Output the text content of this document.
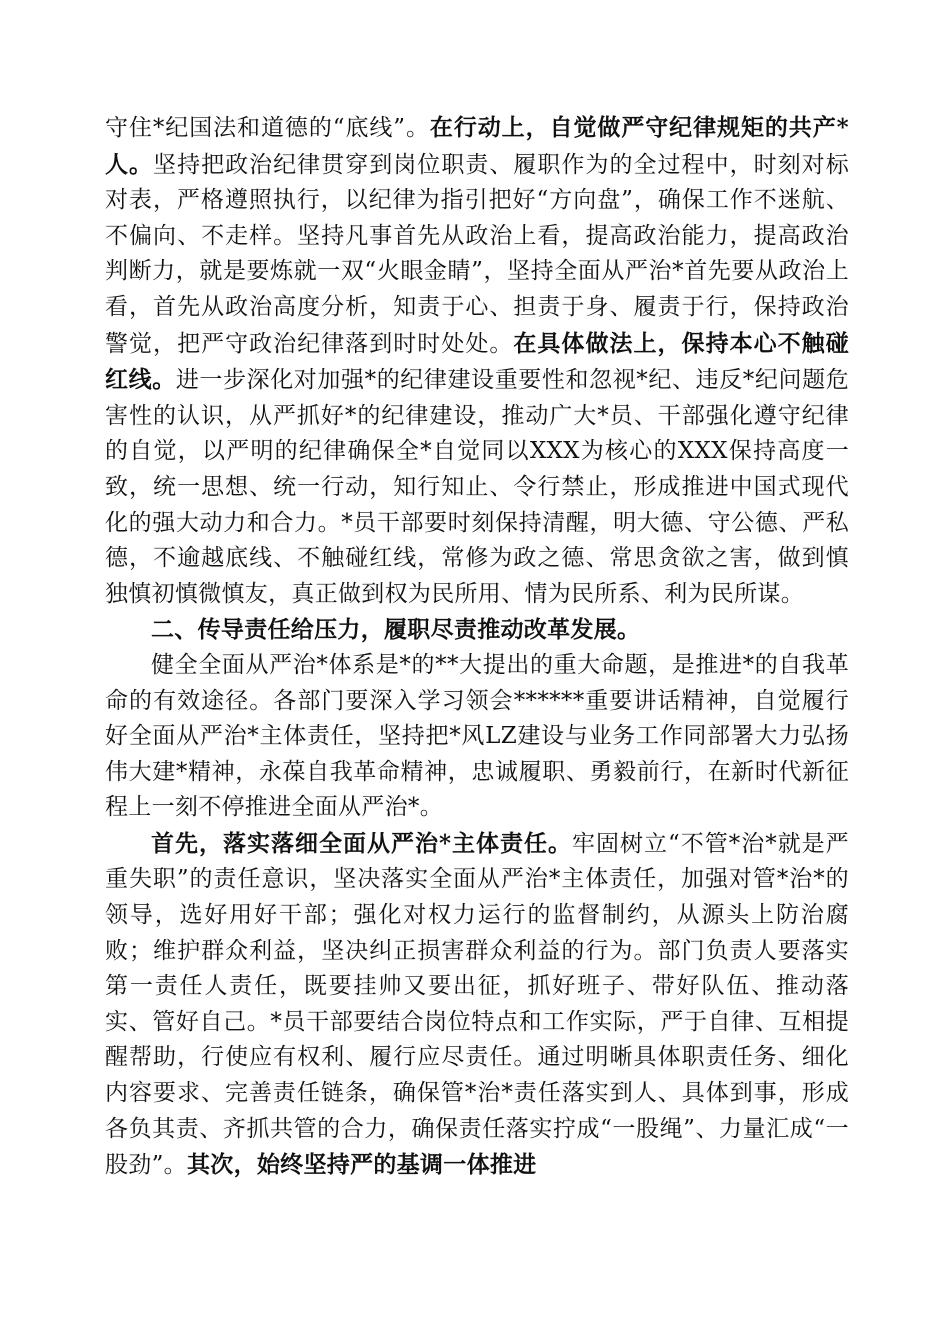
守住*纪国法和道德的“底线”。在行动上，自觉做严守纪律规矩的共产*人。坚持把政治纪律贯穿到岗位职责、履职作为的全过程中，时刻对标对表，严格遵照执行，以纪律为指引把好“方向盘”，确保工作不迷航、不偏向、不走样。坚持凡事首先从政治上看，提高政治能力，提高政治判断力，就是要炼就一双“火眼金睛”，坚持全面从严治*首先要从政治上看，首先从政治高度分析，知责于心、担责于身、履责于行，保持政治警觉，把严守政治纪律落到时时处处。在具体做法上，保持本心不触碰红线。进一步深化对加强*的纪律建设重要性和忽视*纪、违反*纪问题危害性的认识，从严抓好*的纪律建设，推动广大*员、干部强化遵守纪律的自觉，以严明的纪律确保全*自觉同以XXX为核心的XXX保持高度一致，统一思想、统一行动，知行知止、令行禁止，形成推进中国式现代化的强大动力和合力。*员干部要时刻保持清醒，明大德、守公德、严私德，不逾越底线、不触碰红线，常修为政之德、常思贪欲之害，做到慎独慎初慎微慎友，真正做到权为民所用、情为民所系、利为民所谋。

二、传导责任给压力，履职尽责推动改革发展。

健全全面从严治*体系是*的**大提出的重大命题，是推进*的自我革命的有效途径。各部门要深入学习领会******重要讲话精神，自觉履行好全面从严治*主体责任，坚持把*风LZ建设与业务工作同部署大力弘扬伟大建*精神，永葆自我革命精神，忠诚履职、勇毅前行，在新时代新征程上一刻不停推进全面从严治*。

首先，落实落细全面从严治*主体责任。牢固树立“不管*治*就是严重失职”的责任意识，坚决落实全面从严治*主体责任，加强对管*治*的领导，选好用好干部；强化对权力运行的监督制约，从源头上防治腐败；维护群众利益，坚决纠正损害群众利益的行为。部门负责人要落实第一责任人责任，既要挂帅又要出征，抓好班子、带好队伍、推动落实、管好自己。*员干部要结合岗位特点和工作实际，严于自律、互相提醒帮助，行使应有权利、履行应尽责任。通过明晰具体职责任务、细化内容要求、完善责任链条，确保管*治*责任落实到人、具体到事，形成各负其责、齐抓共管的合力，确保责任落实拧成“一股绳”、力量汇成“一股劲”。其次，始终坚持严的基调一体推进
